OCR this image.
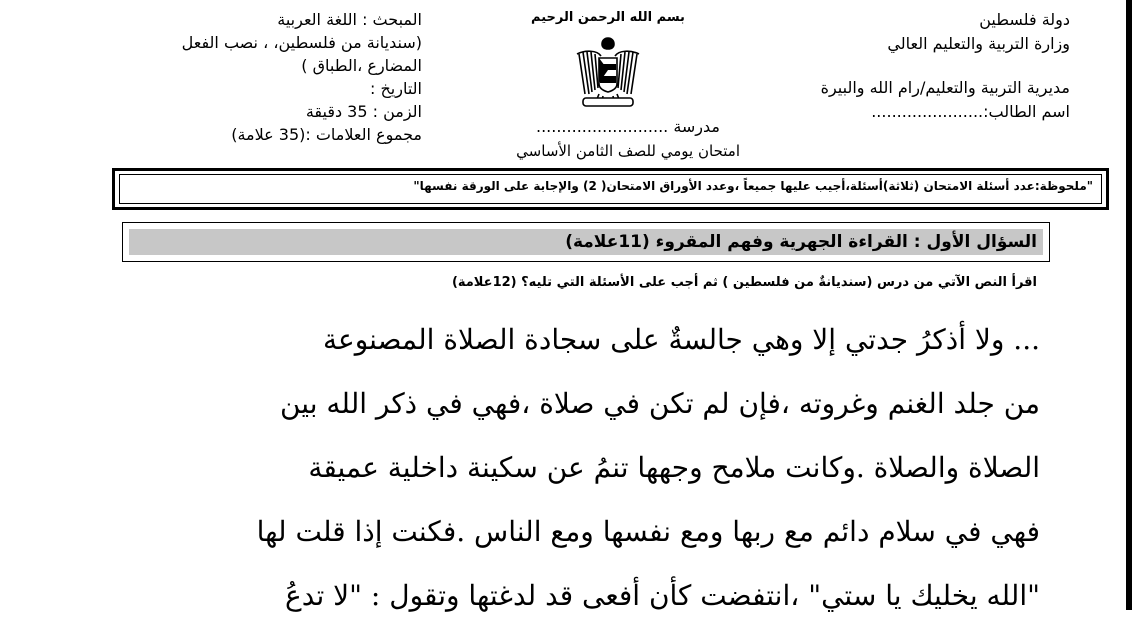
دولة فلسطين
وزارة التربية والتعليم العالي
مديرية التربية والتعليم/رام الله والبيرة
اسم الطالب:......................
بسم الله الرحمن الرحيم
مدرسة ..........................
امتحان يومي للصف الثامن الأساسي
المبحث : اللغة العربية
(سنديانة من فلسطين، ، نصب الفعل
المضارع ،الطباق )
التاريخ :
الزمن : 35 دقيقة
مجموع العلامات :(35 علامة)
"ملحوظة:عدد أسئلة الامتحان (ثلاثة)أسئلة،أجيب عليها جميعاً ،وعدد الأوراق الامتحان( 2) والإجابة على الورقة نفسها"
السؤال الأول : القراءة الجهرية وفهم المقروء (11علامة)
اقرأ النص الآتي من درس (سنديانةٌ من فلسطين ) ثم أجب على الأسئلة التي تليه؟ (12علامة)
... ولا أذكرُ جدتي إلا وهي جالسةٌ على سجادة الصلاة المصنوعة
من جلد الغنم وغروته ،فإن لم تكن في صلاة ،فهي في ذكر الله بين
الصلاة والصلاة .وكانت ملامح وجهها تنمُ عن سكينة داخلية عميقة
فهي في سلام دائم مع ربها ومع نفسها ومع الناس .فكنت إذا قلت لها
"الله يخليك يا ستي" ،انتفضت كأن أفعى قد لدغتها وتقول : "لا تدعُ
